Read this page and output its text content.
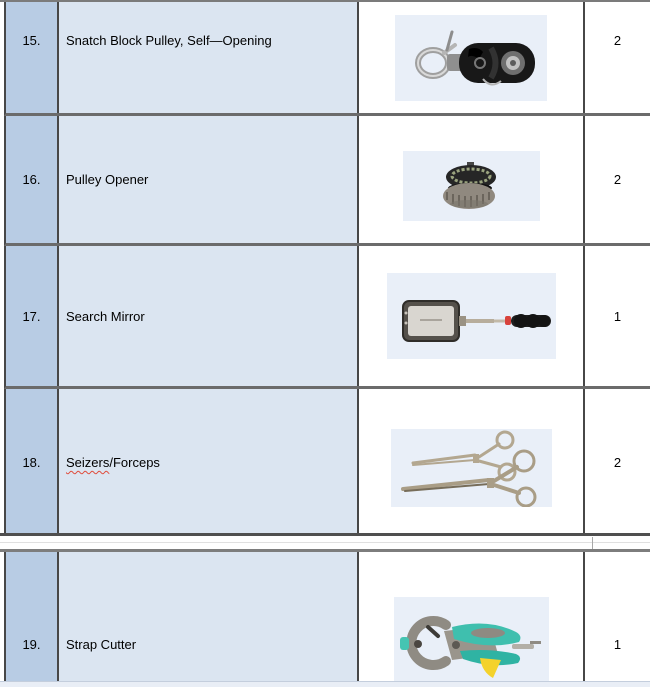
15. Snatch Block Pulley, Self—Opening	2
16. Pulley Opener	2
17. Search Mirror	1
18. Seizers/Forceps	2
19. Strap Cutter	1
